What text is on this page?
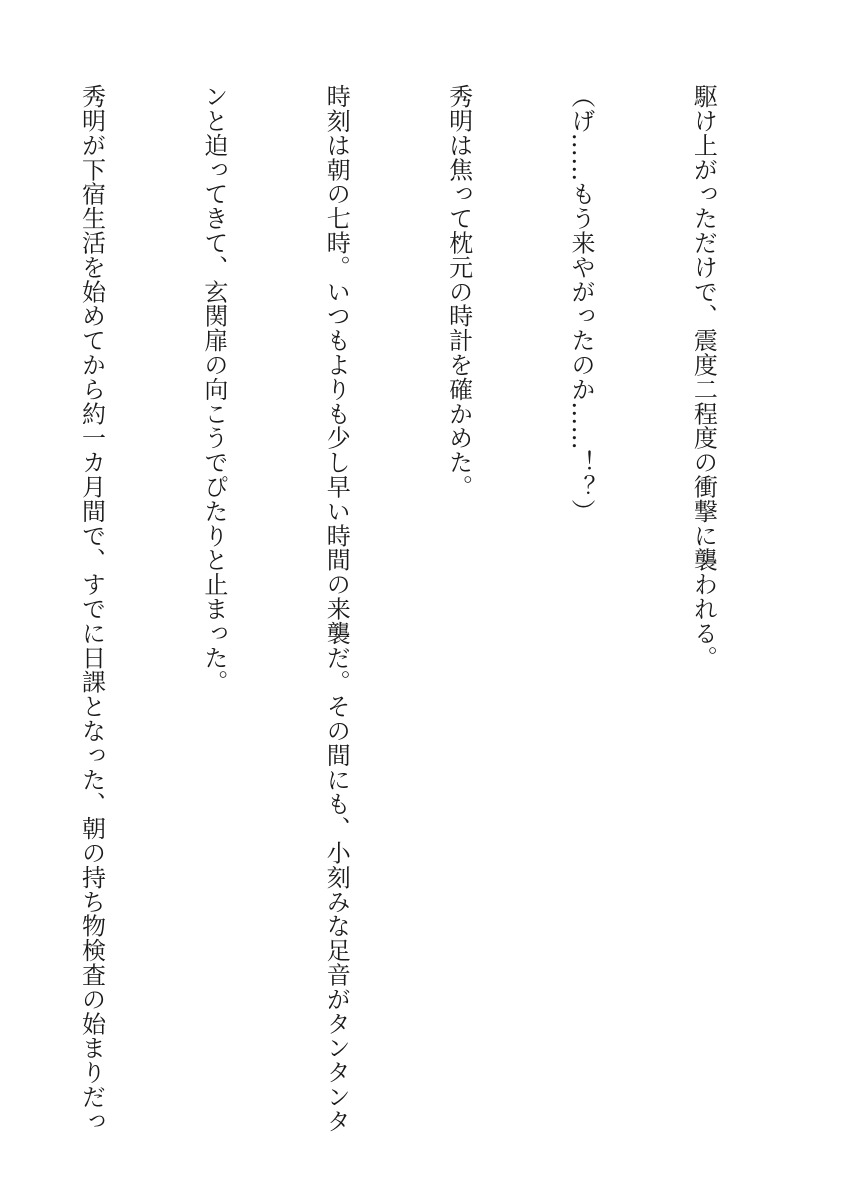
駆け上がっただけで、震度二程度の衝撃に襲われる。

（げ……もう来やがったのか……！？）

秀明は焦って枕元の時計を確かめた。

時刻は朝の七時。いつもよりも少し早い時間の来襲だ。その間にも、小刻みな足音がタンタンタ

ンと迫ってきて、玄関扉の向こうでぴたりと止まった。

秀明が下宿生活を始めてから約一カ月間で、すでに日課となった、朝の持ち物検査の始まりだっ
